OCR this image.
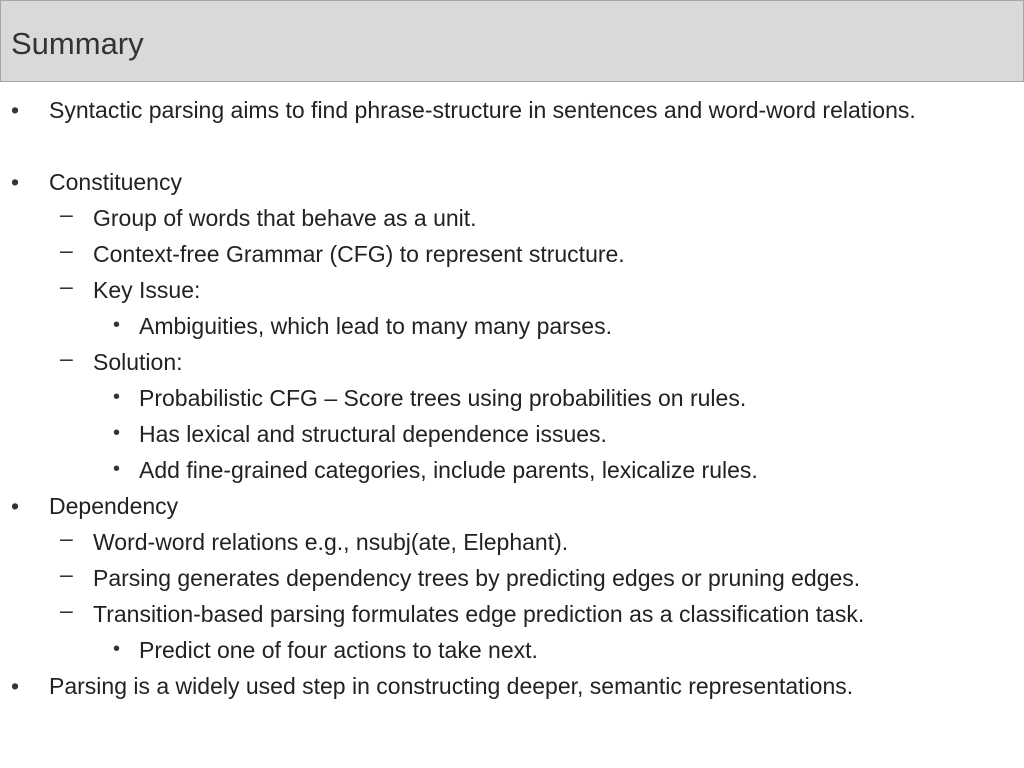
Summary
• Syntactic parsing aims to find phrase-structure in sentences and word-word relations.
• Constituency
– Group of words that behave as a unit.
– Context-free Grammar (CFG) to represent structure.
– Key Issue:
• Ambiguities, which lead to many many parses.
– Solution:
• Probabilistic CFG – Score trees using probabilities on rules.
• Has lexical and structural dependence issues.
• Add fine-grained categories, include parents, lexicalize rules.
• Dependency
– Word-word relations e.g., nsubj(ate, Elephant).
– Parsing generates dependency trees by predicting edges or pruning edges.
– Transition-based parsing formulates edge prediction as a classification task.
• Predict one of four actions to take next.
• Parsing is a widely used step in constructing deeper, semantic representations.
